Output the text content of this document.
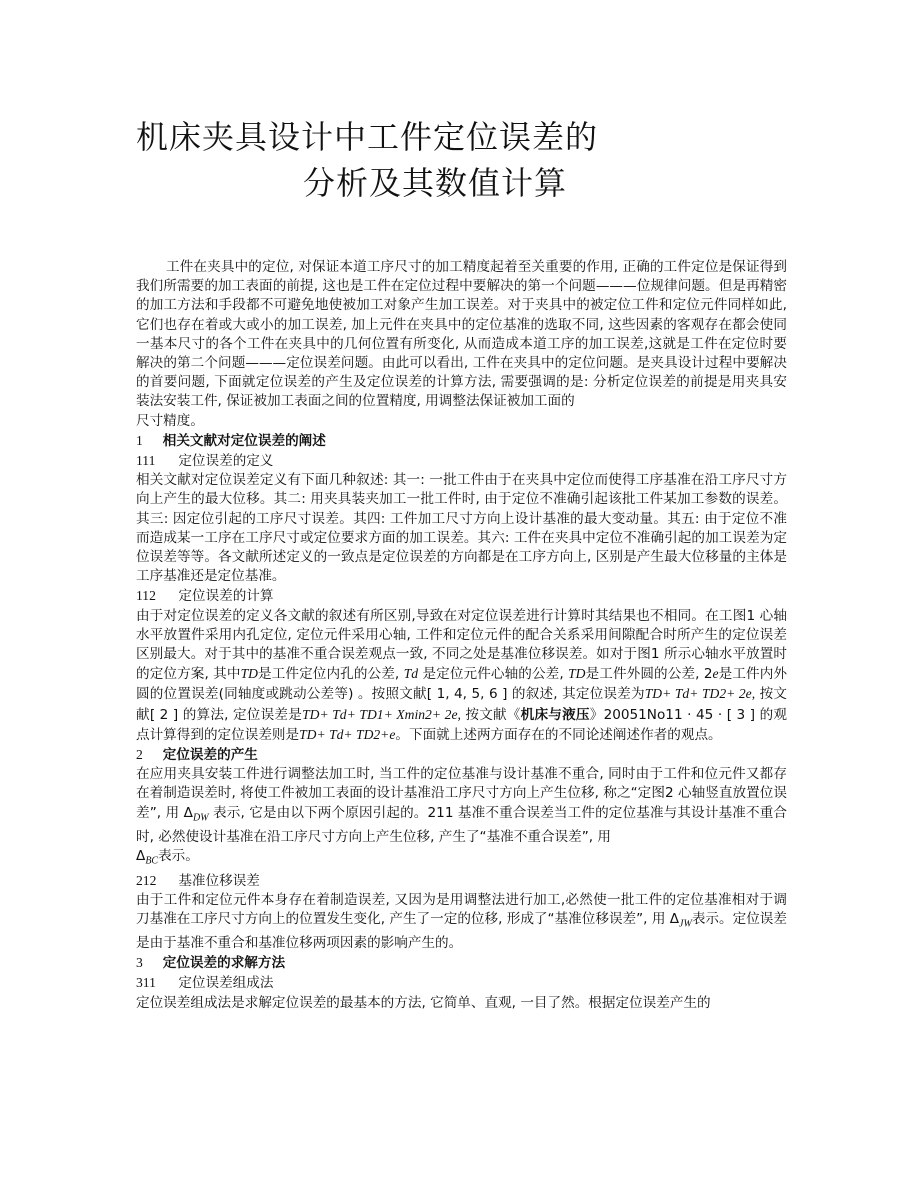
机床夹具设计中工件定位误差的
分析及其数值计算

工件在夹具中的定位, 对保证本道工序尺寸的加工精度起着至关重要的作用, 正确的工件定位是保证得到我们所需要的加工表面的前提, 这也是工件在定位过程中要解决的第一个问题———位规律问题。但是再精密的加工方法和手段都不可避免地使被加工对象产生加工误差。对于夹具中的被定位工件和定位元件同样如此, 它们也存在着或大或小的加工误差, 加上元件在夹具中的定位基准的选取不同, 这些因素的客观存在都会使同一基本尺寸的各个工件在夹具中的几何位置有所变化, 从而造成本道工序的加工误差,这就是工件在定位时要解决的第二个问题———定位误差问题。由此可以看出, 工件在夹具中的定位问题。是夹具设计过程中要解决的首要问题, 下面就定位误差的产生及定位误差的计算方法, 需要强调的是: 分析定位误差的前提是用夹具安装法安装工件, 保证被加工表面之间的位置精度, 用调整法保证被加工面的

尺寸精度。

1 相关文献对定位误差的阐述

111 定位误差的定义

相关文献对定位误差定义有下面几种叙述: 其一: 一批工件由于在夹具中定位而使得工序基准在沿工序尺寸方向上产生的最大位移。其二: 用夹具装夹加工一批工件时, 由于定位不准确引起该批工件某加工参数的误差。其三: 因定位引起的工序尺寸误差。其四: 工件加工尺寸方向上设计基准的最大变动量。其五: 由于定位不准而造成某一工序在工序尺寸或定位要求方面的加工误差。其六: 工件在夹具中定位不准确引起的加工误差为定位误差等等。各文献所述定义的一致点是定位误差的方向都是在工序方向上, 区别是产生最大位移量的主体是工序基准还是定位基准。

112 定位误差的计算

由于对定位误差的定义各文献的叙述有所区别,导致在对定位误差进行计算时其结果也不相同。在工图1 心轴水平放置件采用内孔定位, 定位元件采用心轴, 工件和定位元件的配合关系采用间隙配合时所产生的定位误差区别最大。对于其中的基准不重合误差观点一致, 不同之处是基准位移误差。如对于图1 所示心轴水平放置时的定位方案, 其中TD是工件定位内孔的公差, Td 是定位元件心轴的公差, TD是工件外圆的公差, 2e是工件内外圆的位置误差(同轴度或跳动公差等) 。按照文献[ 1, 4, 5, 6 ] 的叙述, 其定位误差为TD+ Td+ TD2+ 2e, 按文献[ 2 ] 的算法, 定位误差是TD+ Td+ TD1+ Xmin2+ 2e, 按文献《机床与液压》20051No11 · 45 · [ 3 ] 的观点计算得到的定位误差则是TD+ Td+ TD2+e。下面就上述两方面存在的不同论述阐述作者的观点。

2 定位误差的产生

在应用夹具安装工件进行调整法加工时, 当工件的定位基准与设计基准不重合, 同时由于工件和位元件又都存在着制造误差时, 将使工件被加工表面的设计基准沿工序尺寸方向上产生位移, 称之“定图2 心轴竖直放置位误差”, 用 $\Delta_{DW}$ 表示, 它是由以下两个原因引起的。211 基准不重合误差当工件的定位基准与其设计基准不重合时, 必然使设计基准在沿工序尺寸方向上产生位移, 产生了“基准不重合误差”, 用

$\Delta_{BC}$表示。

212 基准位移误差

由于工件和定位元件本身存在着制造误差, 又因为是用调整法进行加工,必然使一批工件的定位基准相对于调刀基准在工序尺寸方向上的位置发生变化, 产生了一定的位移, 形成了“基准位移误差”, 用 $\Delta_{JW}$表示。定位误差是由于基准不重合和基准位移两项因素的影响产生的。

3 定位误差的求解方法

311 定位误差组成法

定位误差组成法是求解定位误差的最基本的方法, 它简单、直观, 一目了然。根据定位误差产生的
